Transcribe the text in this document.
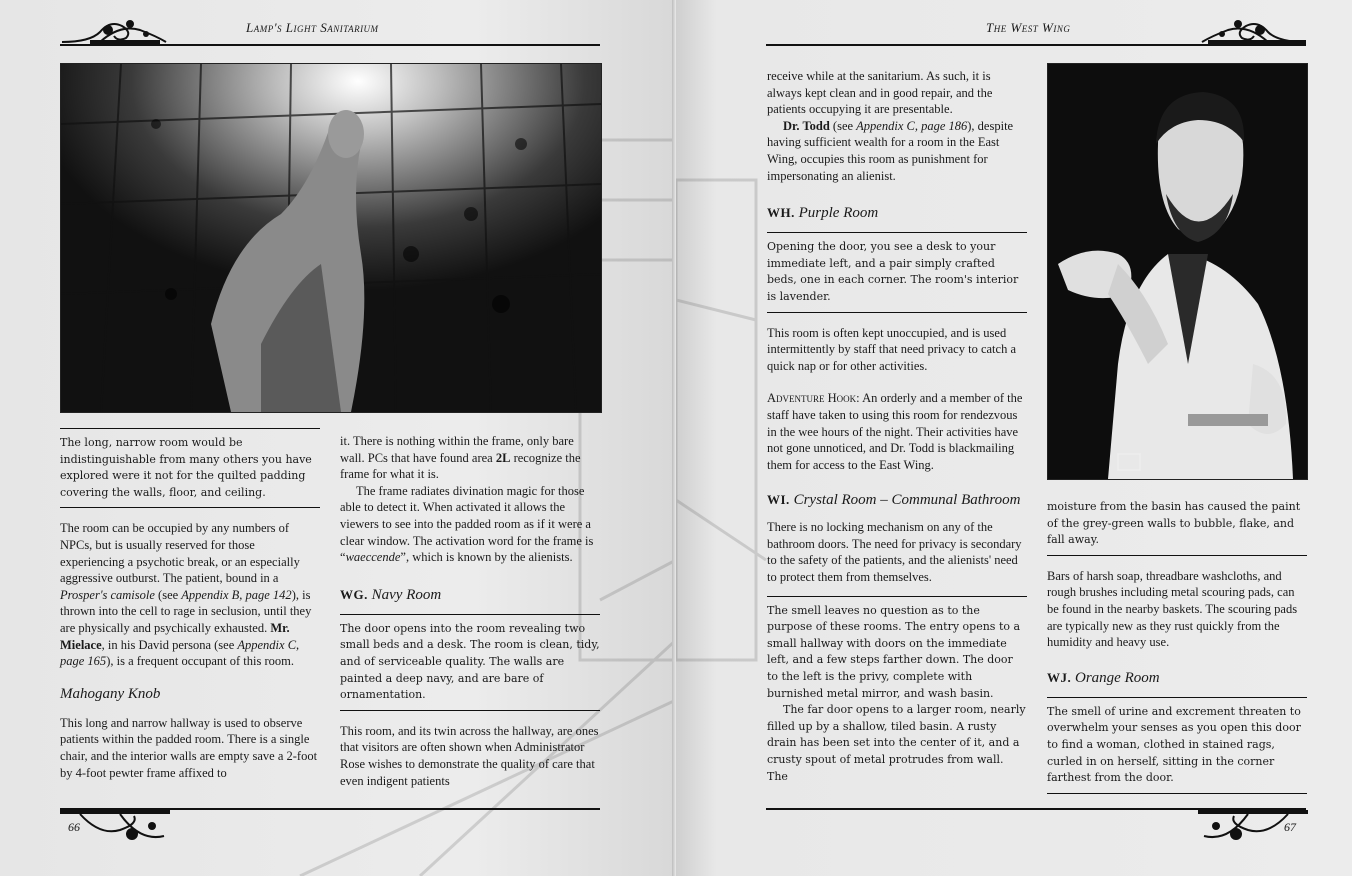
Lamp's Light Sanitarium
The long, narrow room would be indistinguishable from many others you have explored were it not for the quilted padding covering the walls, floor, and ceiling.

The room can be occupied by any numbers of NPCs, but is usually reserved for those experiencing a psychotic break, or an especially aggressive outburst. The patient, bound in a Prosper's camisole (see Appendix B, page 142), is thrown into the cell to rage in seclusion, until they are physically and psychically exhausted. Mr. Mielace, in his David persona (see Appendix C, page 165), is a frequent occupant of this room.

Mahogany Knob

This long and narrow hallway is used to observe patients within the padded room. There is a single chair, and the interior walls are empty save a 2-foot by 4-foot pewter frame affixed to

it. There is nothing within the frame, only bare wall. PCs that have found area 2L recognize the frame for what it is.

The frame radiates divination magic for those able to detect it. When activated it allows the viewers to see into the padded room as if it were a clear window. The activation word for the frame is “waeccende”, which is known by the alienists.

WG. Navy Room
The door opens into the room revealing two small beds and a desk. The room is clean, tidy, and of serviceable quality. The walls are painted a deep navy, and are bare of ornamentation.

This room, and its twin across the hallway, are ones that visitors are often shown when Administrator Rose wishes to demonstrate the quality of care that even indigent patients

66
The West Wing

receive while at the sanitarium. As such, it is always kept clean and in good repair, and the patients occupying it are presentable.

Dr. Todd (see Appendix C, page 186), despite having sufficient wealth for a room in the East Wing, occupies this room as punishment for impersonating an alienist.

WH. Purple Room
Opening the door, you see a desk to your immediate left, and a pair simply crafted beds, one in each corner. The room's interior is lavender.

This room is often kept unoccupied, and is used intermittently by staff that need privacy to catch a quick nap or for other activities.

Adventure Hook: An orderly and a member of the staff have taken to using this room for rendezvous in the wee hours of the night. Their activities have not gone unnoticed, and Dr. Todd is blackmailing them for access to the East Wing.

WI. Crystal Room – Communal Bathroom

There is no locking mechanism on any of the bathroom doors. The need for privacy is secondary to the safety of the patients, and the alienists' need to protect them from themselves.

The smell leaves no question as to the purpose of these rooms. The entry opens to a small hallway with doors on the immediate left, and a few steps farther down. The door to the left is the privy, complete with burnished metal mirror, and wash basin.

The far door opens to a larger room, nearly filled up by a shallow, tiled basin. A rusty drain has been set into the center of it, and a crusty spout of metal protrudes from wall. The

moisture from the basin has caused the paint of the grey-green walls to bubble, flake, and fall away.

Bars of harsh soap, threadbare washcloths, and rough brushes including metal scouring pads, can be found in the nearby baskets. The scouring pads are typically new as they rust quickly from the humidity and heavy use.

WJ. Orange Room
The smell of urine and excrement threaten to overwhelm your senses as you open this door to find a woman, clothed in stained rags, curled in on herself, sitting in the corner farthest from the door.
67
